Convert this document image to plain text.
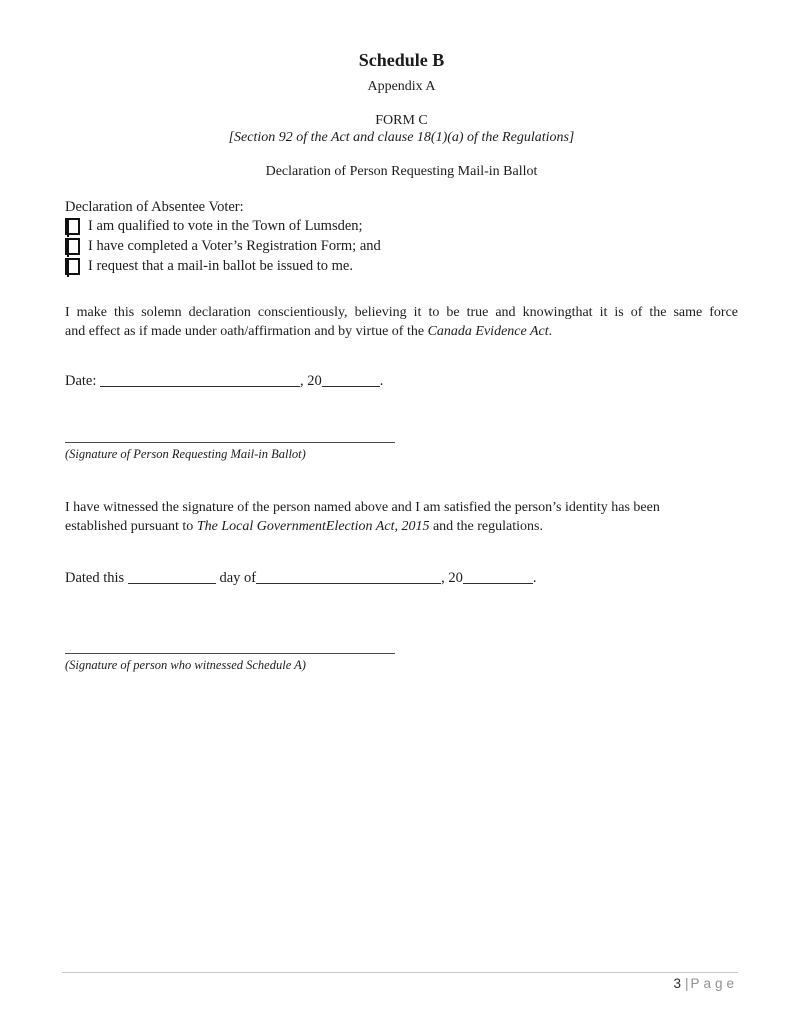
Schedule B
Appendix A
FORM C
[Section 92 of the Act and clause 18(1)(a) of the Regulations]
Declaration of Person Requesting Mail-in Ballot
Declaration of Absentee Voter:
I am qualified to vote in the Town of Lumsden;
I have completed a Voter’s Registration Form; and
I request that a mail-in ballot be issued to me.
I make this solemn declaration conscientiously, believing it to be true and knowingthat it is of the same force
and effect as if made under oath/affirmation and by virtue of the Canada Evidence Act.
Date:	, 20	.
(Signature of Person Requesting Mail-in Ballot)
I have witnessed the signature of the person named above and I am satisfied the person’s identity has been
established pursuant to The Local GovernmentElection Act, 2015 and the regulations.
Dated this	day of	, 20	.
(Signature of person who witnessed Schedule A)
3 | Page
